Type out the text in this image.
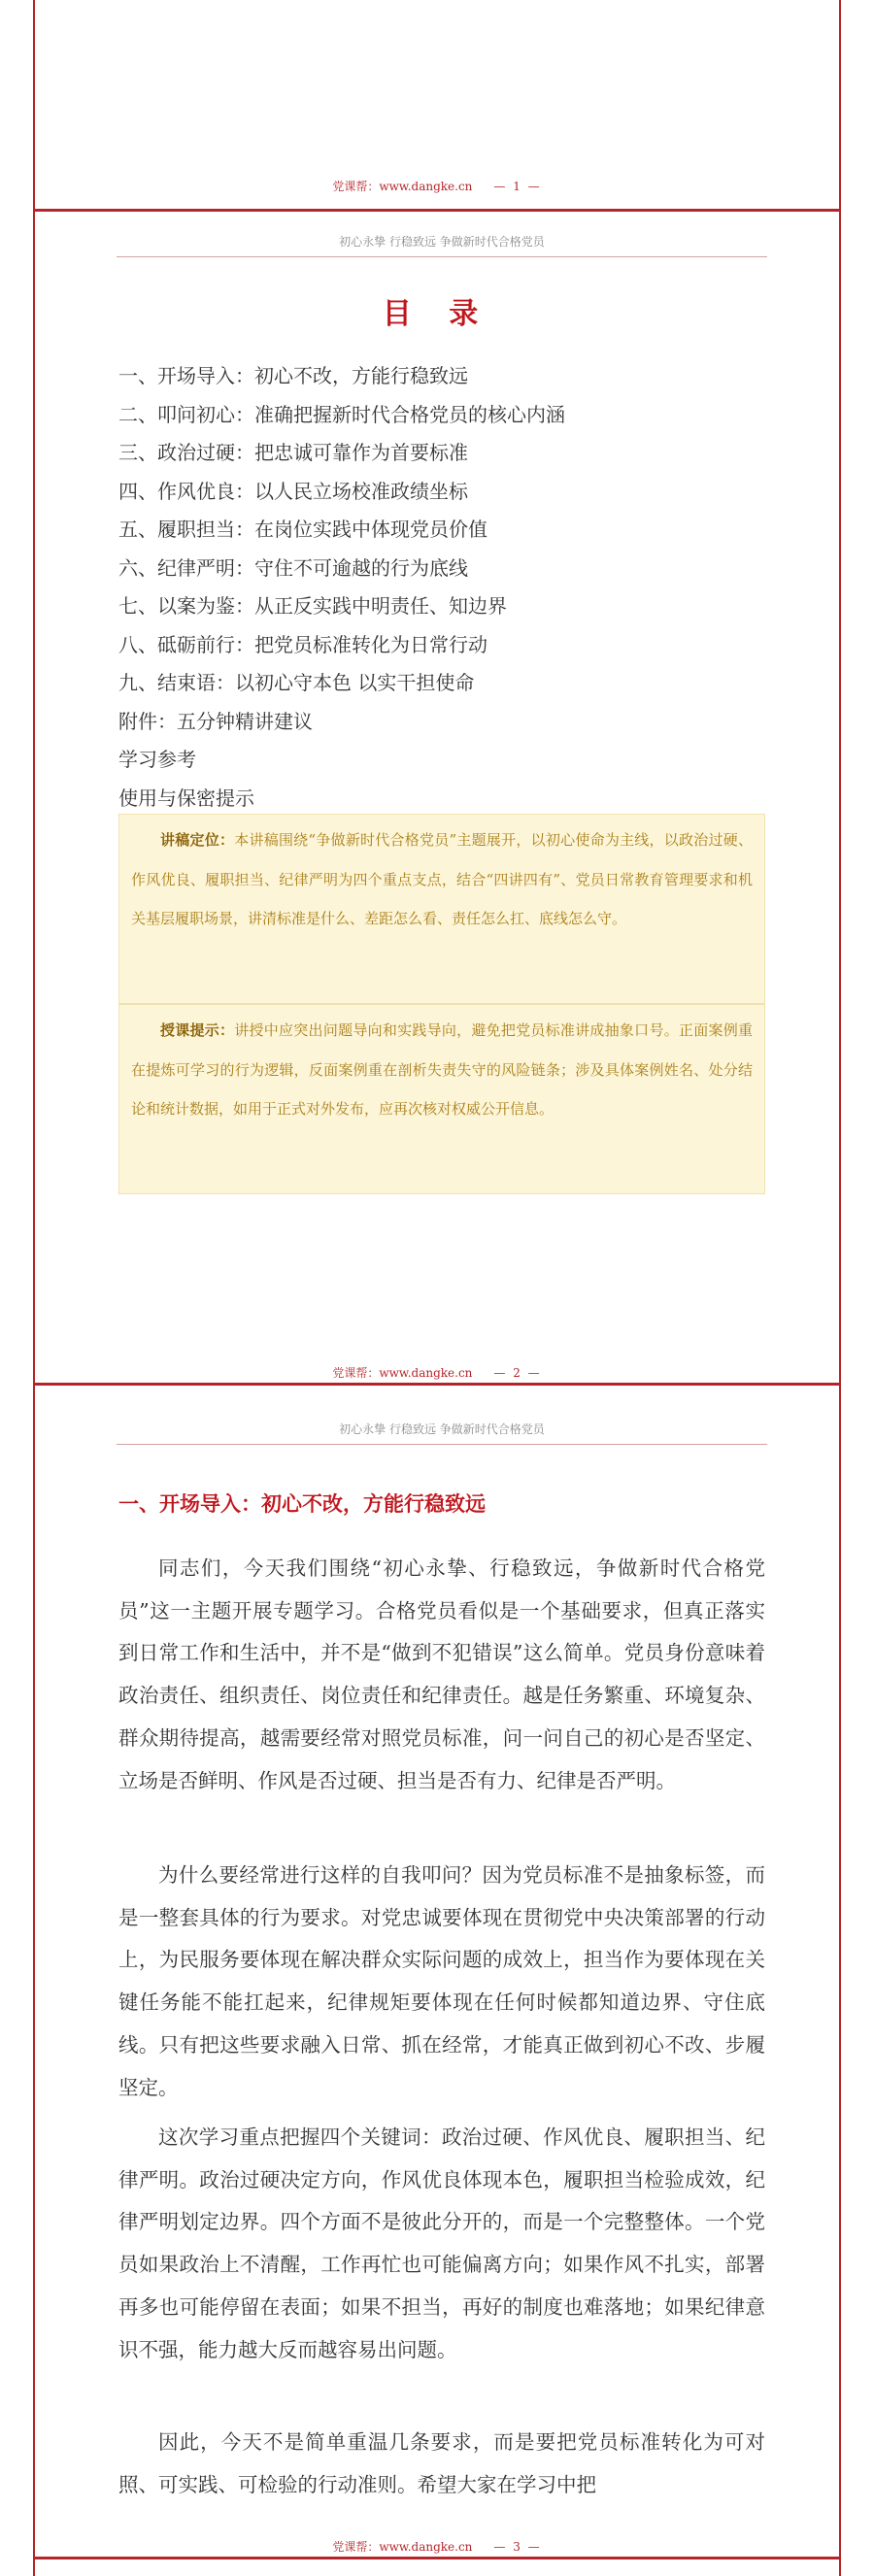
党课帮：www.dangke.cn — 1 —
初心永挚 行稳致远 争做新时代合格党员
目 录
一、开场导入：初心不改，方能行稳致远
二、叩问初心：准确把握新时代合格党员的核心内涵
三、政治过硬：把忠诚可靠作为首要标准
四、作风优良：以人民立场校准政绩坐标
五、履职担当：在岗位实践中体现党员价值
六、纪律严明：守住不可逾越的行为底线
七、以案为鉴：从正反实践中明责任、知边界
八、砥砺前行：把党员标准转化为日常行动
九、结束语：以初心守本色 以实干担使命
附件：五分钟精讲建议
学习参考
使用与保密提示
讲稿定位：本讲稿围绕“争做新时代合格党员”主题展开，以初心使命为主线，以政治过硬、作风优良、履职担当、纪律严明为四个重点支点，结合“四讲四有”、党员日常教育管理要求和机关基层履职场景，讲清标准是什么、差距怎么看、责任怎么扛、底线怎么守。
授课提示：讲授中应突出问题导向和实践导向，避免把党员标准讲成抽象口号。正面案例重在提炼可学习的行为逻辑，反面案例重在剖析失责失守的风险链条；涉及具体案例姓名、处分结论和统计数据，如用于正式对外发布，应再次核对权威公开信息。
党课帮：www.dangke.cn — 2 —
初心永挚 行稳致远 争做新时代合格党员
一、开场导入：初心不改，方能行稳致远

同志们，今天我们围绕“初心永挚、行稳致远，争做新时代合格党员”这一主题开展专题学习。合格党员看似是一个基础要求，但真正落实到日常工作和生活中，并不是“做到不犯错误”这么简单。党员身份意味着政治责任、组织责任、岗位责任和纪律责任。越是任务繁重、环境复杂、群众期待提高，越需要经常对照党员标准，问一问自己的初心是否坚定、立场是否鲜明、作风是否过硬、担当是否有力、纪律是否严明。

为什么要经常进行这样的自我叩问？因为党员标准不是抽象标签，而是一整套具体的行为要求。对党忠诚要体现在贯彻党中央决策部署的行动上，为民服务要体现在解决群众实际问题的成效上，担当作为要体现在关键任务能不能扛起来，纪律规矩要体现在任何时候都知道边界、守住底线。只有把这些要求融入日常、抓在经常，才能真正做到初心不改、步履坚定。

这次学习重点把握四个关键词：政治过硬、作风优良、履职担当、纪律严明。政治过硬决定方向，作风优良体现本色，履职担当检验成效，纪律严明划定边界。四个方面不是彼此分开的，而是一个完整整体。一个党员如果政治上不清醒，工作再忙也可能偏离方向；如果作风不扎实，部署再多也可能停留在表面；如果不担当，再好的制度也难落地；如果纪律意识不强，能力越大反而越容易出问题。

因此，今天不是简单重温几条要求，而是要把党员标准转化为可对照、可实践、可检验的行动准则。希望大家在学习中把

党课帮：www.dangke.cn — 3 —
